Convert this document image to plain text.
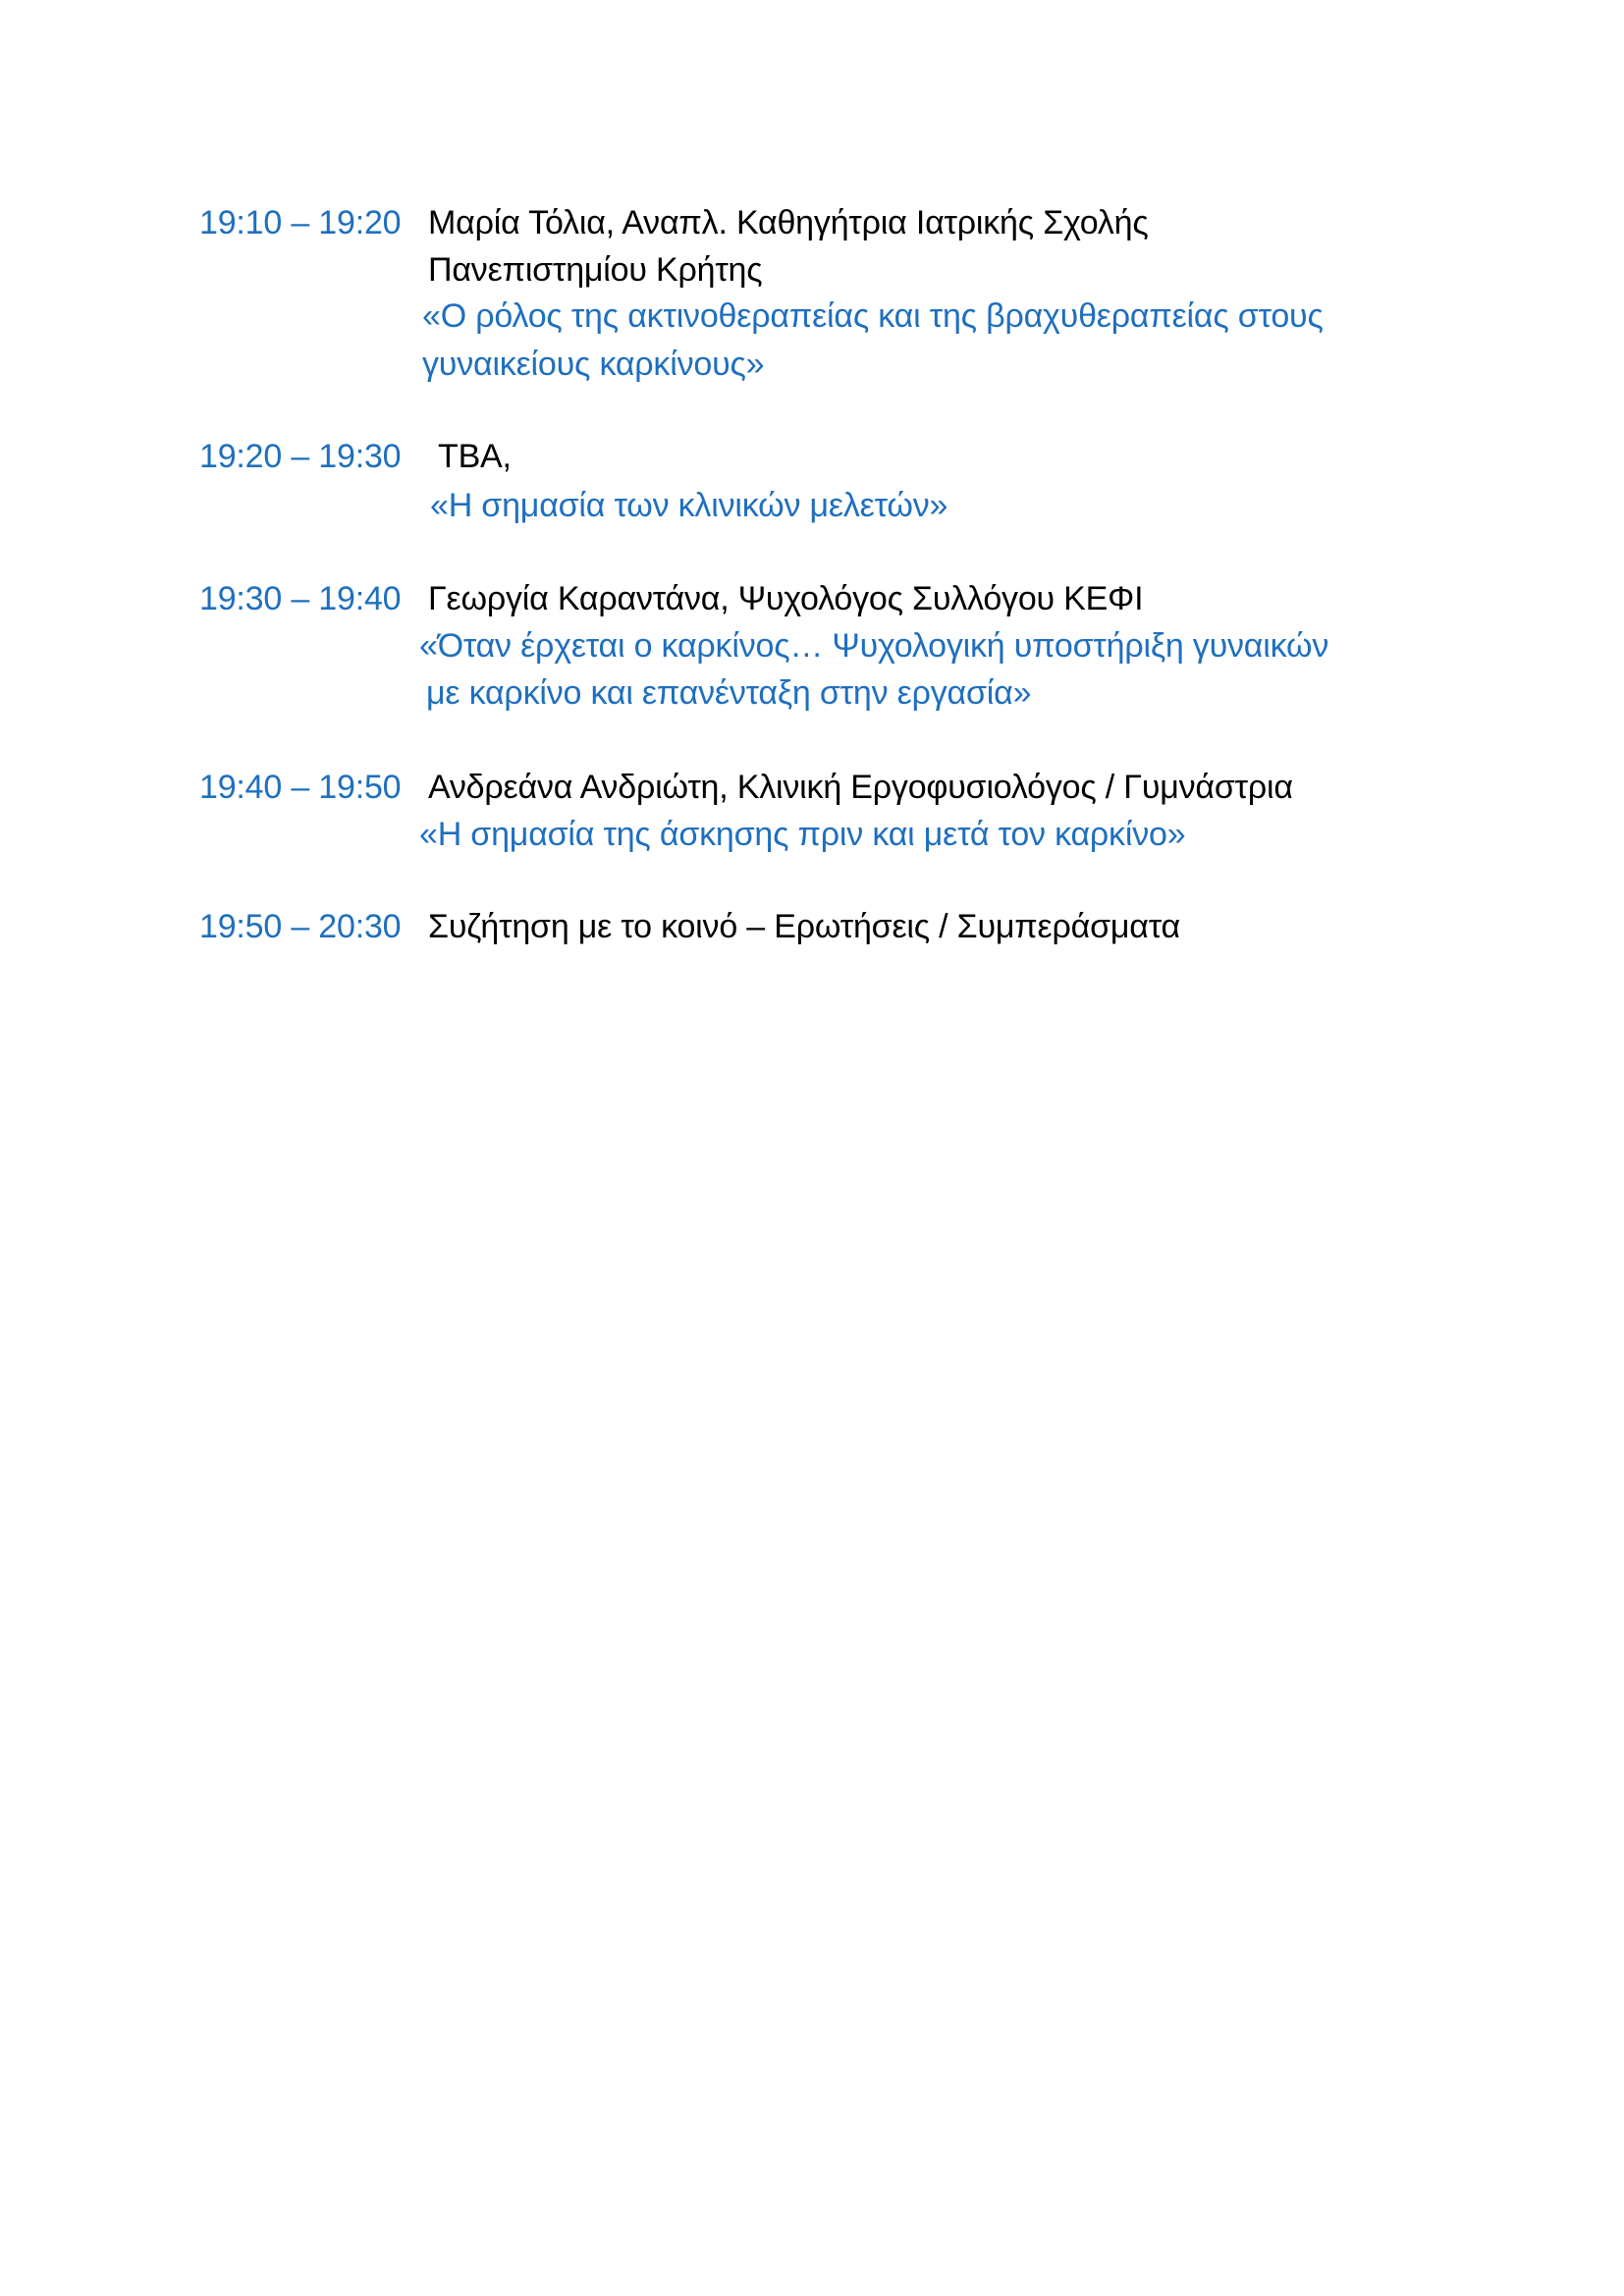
19:10 – 19:20 Μαρία Τόλια, Αναπλ. Καθηγήτρια Ιατρικής Σχολής
Πανεπιστημίου Κρήτης
«Ο ρόλος της ακτινοθεραπείας και της βραχυθεραπείας στους
γυναικείους καρκίνους»
19:20 – 19:30 TBA,
«Η σημασία των κλινικών μελετών»
19:30 – 19:40 Γεωργία Καραντάνα, Ψυχολόγος Συλλόγου ΚΕΦΙ
«Όταν έρχεται ο καρκίνος… Ψυχολογική υποστήριξη γυναικών
με καρκίνο και επανένταξη στην εργασία»
19:40 – 19:50 Ανδρεάνα Ανδριώτη, Κλινική Εργοφυσιολόγος / Γυμνάστρια
«Η σημασία της άσκησης πριν και μετά τον καρκίνο»
19:50 – 20:30 Συζήτηση με το κοινό – Ερωτήσεις / Συμπεράσματα
